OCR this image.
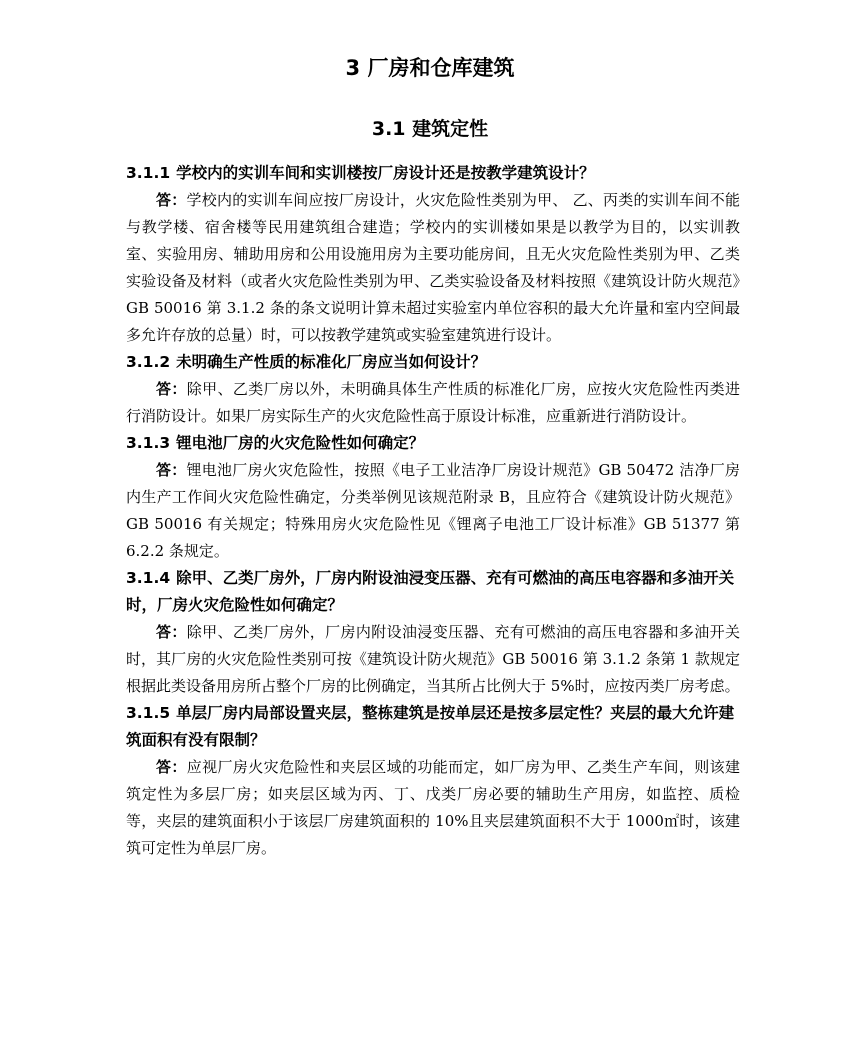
3 厂房和仓库建筑
3.1 建筑定性

3.1.1 学校内的实训车间和实训楼按厂房设计还是按教学建筑设计？

答：学校内的实训车间应按厂房设计，火灾危险性类别为甲、 乙、丙类的实训车间不能与教学楼、宿舍楼等民用建筑组合建造；学校内的实训楼如果是以教学为目的，以实训教室、实验用房、辅助用房和公用设施用房为主要功能房间，且无火灾危险性类别为甲、乙类实验设备及材料（或者火灾危险性类别为甲、乙类实验设备及材料按照《建筑设计防火规范》GB 50016 第 3.1.2 条的条文说明计算未超过实验室内单位容积的最大允许量和室内空间最多允许存放的总量）时，可以按教学建筑或实验室建筑进行设计。

3.1.2 未明确生产性质的标准化厂房应当如何设计？

答：除甲、乙类厂房以外，未明确具体生产性质的标准化厂房，应按火灾危险性丙类进行消防设计。如果厂房实际生产的火灾危险性高于原设计标准，应重新进行消防设计。

3.1.3 锂电池厂房的火灾危险性如何确定？

答：锂电池厂房火灾危险性，按照《电子工业洁净厂房设计规范》GB 50472 洁净厂房内生产工作间火灾危险性确定，分类举例见该规范附录 B，且应符合《建筑设计防火规范》GB 50016 有关规定；特殊用房火灾危险性见《锂离子电池工厂设计标准》GB 51377 第 6.2.2 条规定。

3.1.4 除甲、乙类厂房外，厂房内附设油浸变压器、充有可燃油的高压电容器和多油开关时，厂房火灾危险性如何确定？

答：除甲、乙类厂房外，厂房内附设油浸变压器、充有可燃油的高压电容器和多油开关时，其厂房的火灾危险性类别可按《建筑设计防火规范》GB 50016 第 3.1.2 条第 1 款规定根据此类设备用房所占整个厂房的比例确定，当其所占比例大于 5%时，应按丙类厂房考虑。

3.1.5 单层厂房内局部设置夹层，整栋建筑是按单层还是按多层定性？夹层的最大允许建筑面积有没有限制？

答：应视厂房火灾危险性和夹层区域的功能而定，如厂房为甲、乙类生产车间，则该建筑定性为多层厂房；如夹层区域为丙、丁、戊类厂房必要的辅助生产用房，如监控、质检等，夹层的建筑面积小于该层厂房建筑面积的 10%且夹层建筑面积不大于 1000㎡时，该建筑可定性为单层厂房。
